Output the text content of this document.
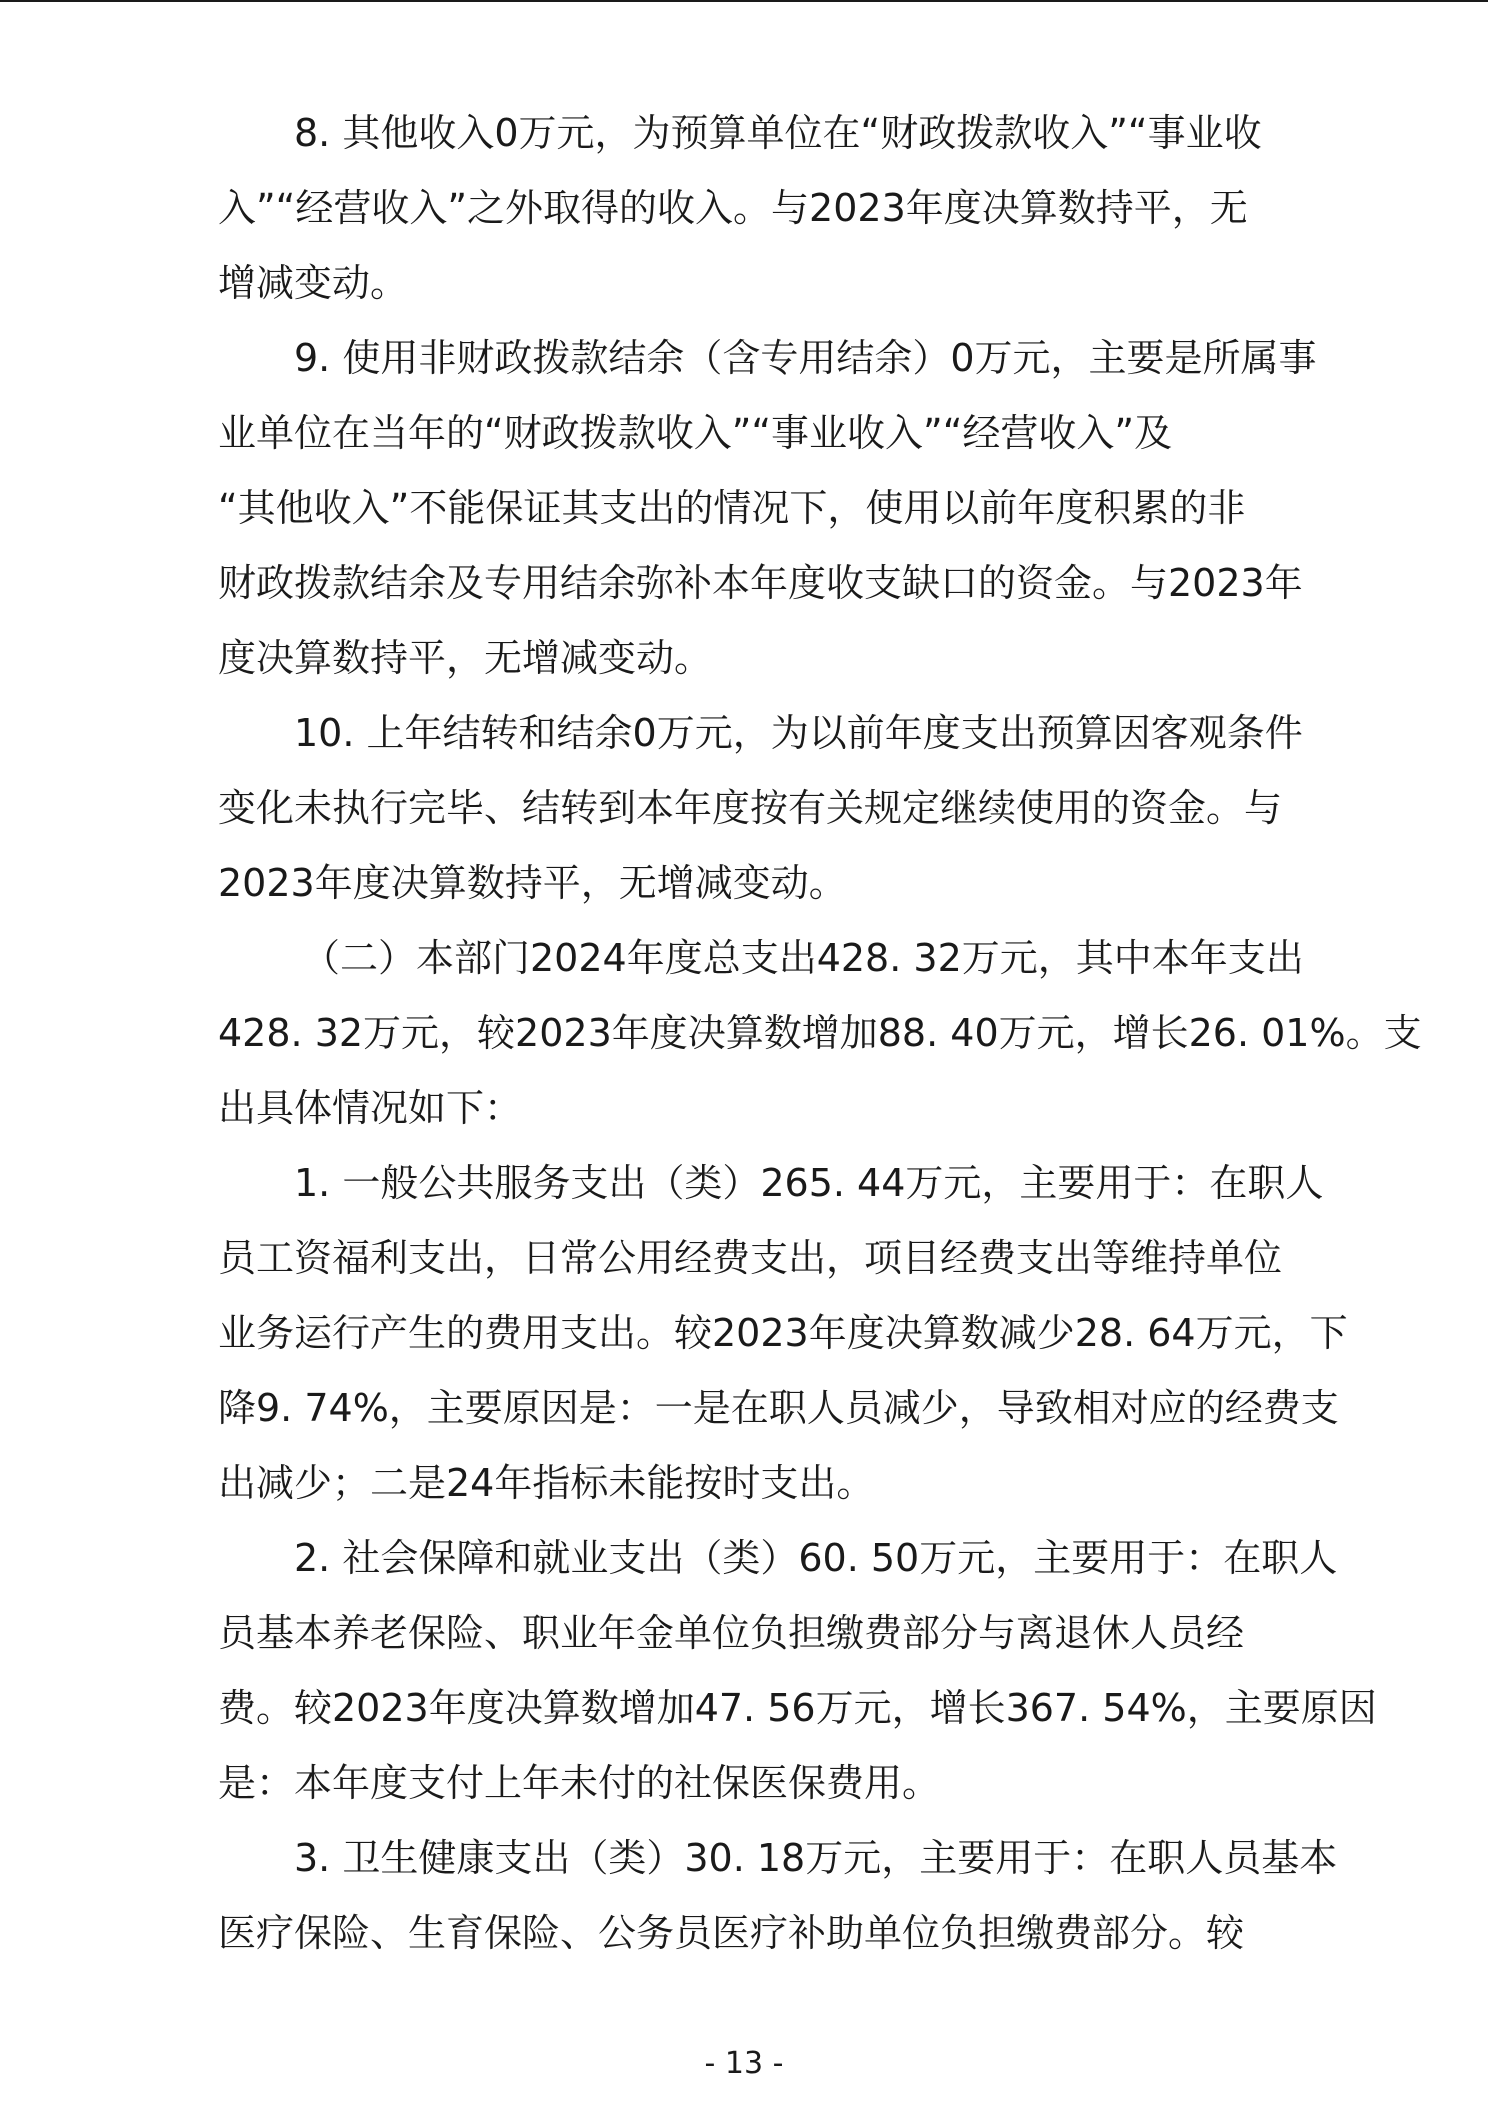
8. 其他收入0万元，为预算单位在“财政拨款收入”“事业收
入”“经营收入”之外取得的收入。与2023年度决算数持平，无
增减变动。
9. 使用非财政拨款结余（含专用结余）0万元，主要是所属事
业单位在当年的“财政拨款收入”“事业收入”“经营收入”及
“其他收入”不能保证其支出的情况下，使用以前年度积累的非
财政拨款结余及专用结余弥补本年度收支缺口的资金。与2023年
度决算数持平，无增减变动。
10. 上年结转和结余0万元，为以前年度支出预算因客观条件
变化未执行完毕、结转到本年度按有关规定继续使用的资金。与
2023年度决算数持平，无增减变动。
（二）本部门2024年度总支出428. 32万元，其中本年支出
428. 32万元，较2023年度决算数增加88. 40万元，增长26. 01%。支
出具体情况如下：
1. 一般公共服务支出（类）265. 44万元，主要用于：在职人
员工资福利支出，日常公用经费支出，项目经费支出等维持单位
业务运行产生的费用支出。较2023年度决算数减少28. 64万元，下
降9. 74%，主要原因是：一是在职人员减少，导致相对应的经费支
出减少；二是24年指标未能按时支出。
2. 社会保障和就业支出（类）60. 50万元，主要用于：在职人
员基本养老保险、职业年金单位负担缴费部分与离退休人员经
费。较2023年度决算数增加47. 56万元，增长367. 54%，主要原因
是：本年度支付上年未付的社保医保费用。
3. 卫生健康支出（类）30. 18万元，主要用于：在职人员基本
医疗保险、生育保险、公务员医疗补助单位负担缴费部分。较
- 13 -
